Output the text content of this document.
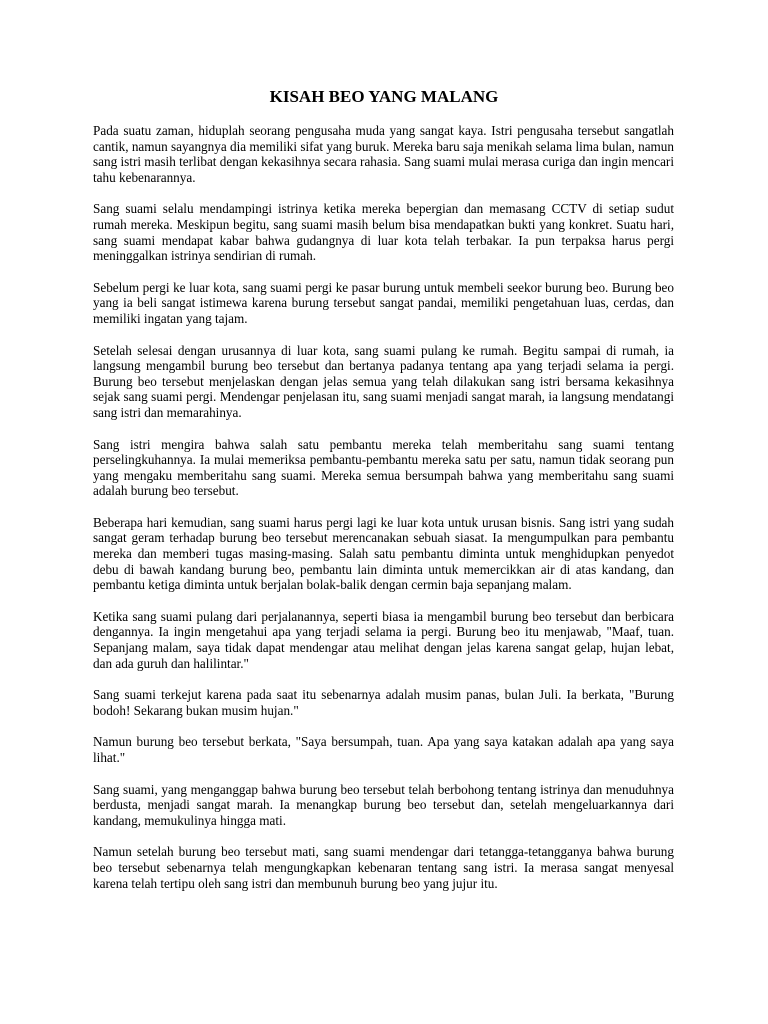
KISAH BEO YANG MALANG

Pada suatu zaman, hiduplah seorang pengusaha muda yang sangat kaya. Istri pengusaha tersebut sangatlah cantik, namun sayangnya dia memiliki sifat yang buruk. Mereka baru saja menikah selama lima bulan, namun sang istri masih terlibat dengan kekasihnya secara rahasia. Sang suami mulai merasa curiga dan ingin mencari tahu kebenarannya.

Sang suami selalu mendampingi istrinya ketika mereka bepergian dan memasang CCTV di setiap sudut rumah mereka. Meskipun begitu, sang suami masih belum bisa mendapatkan bukti yang konkret. Suatu hari, sang suami mendapat kabar bahwa gudangnya di luar kota telah terbakar. Ia pun terpaksa harus pergi meninggalkan istrinya sendirian di rumah.

Sebelum pergi ke luar kota, sang suami pergi ke pasar burung untuk membeli seekor burung beo. Burung beo yang ia beli sangat istimewa karena burung tersebut sangat pandai, memiliki pengetahuan luas, cerdas, dan memiliki ingatan yang tajam.

Setelah selesai dengan urusannya di luar kota, sang suami pulang ke rumah. Begitu sampai di rumah, ia langsung mengambil burung beo tersebut dan bertanya padanya tentang apa yang terjadi selama ia pergi. Burung beo tersebut menjelaskan dengan jelas semua yang telah dilakukan sang istri bersama kekasihnya sejak sang suami pergi. Mendengar penjelasan itu, sang suami menjadi sangat marah, ia langsung mendatangi sang istri dan memarahinya.

Sang istri mengira bahwa salah satu pembantu mereka telah memberitahu sang suami tentang perselingkuhannya. Ia mulai memeriksa pembantu-pembantu mereka satu per satu, namun tidak seorang pun yang mengaku memberitahu sang suami. Mereka semua bersumpah bahwa yang memberitahu sang suami adalah burung beo tersebut.

Beberapa hari kemudian, sang suami harus pergi lagi ke luar kota untuk urusan bisnis. Sang istri yang sudah sangat geram terhadap burung beo tersebut merencanakan sebuah siasat. Ia mengumpulkan para pembantu mereka dan memberi tugas masing-masing. Salah satu pembantu diminta untuk menghidupkan penyedot debu di bawah kandang burung beo, pembantu lain diminta untuk memercikkan air di atas kandang, dan pembantu ketiga diminta untuk berjalan bolak-balik dengan cermin baja sepanjang malam.

Ketika sang suami pulang dari perjalanannya, seperti biasa ia mengambil burung beo tersebut dan berbicara dengannya. Ia ingin mengetahui apa yang terjadi selama ia pergi. Burung beo itu menjawab, "Maaf, tuan. Sepanjang malam, saya tidak dapat mendengar atau melihat dengan jelas karena sangat gelap, hujan lebat, dan ada guruh dan halilintar."

Sang suami terkejut karena pada saat itu sebenarnya adalah musim panas, bulan Juli. Ia berkata, "Burung bodoh! Sekarang bukan musim hujan."

Namun burung beo tersebut berkata, "Saya bersumpah, tuan. Apa yang saya katakan adalah apa yang saya lihat."

Sang suami, yang menganggap bahwa burung beo tersebut telah berbohong tentang istrinya dan menuduhnya berdusta, menjadi sangat marah. Ia menangkap burung beo tersebut dan, setelah mengeluarkannya dari kandang, memukulinya hingga mati.

Namun setelah burung beo tersebut mati, sang suami mendengar dari tetangga-tetangganya bahwa burung beo tersebut sebenarnya telah mengungkapkan kebenaran tentang sang istri. Ia merasa sangat menyesal karena telah tertipu oleh sang istri dan membunuh burung beo yang jujur itu.
